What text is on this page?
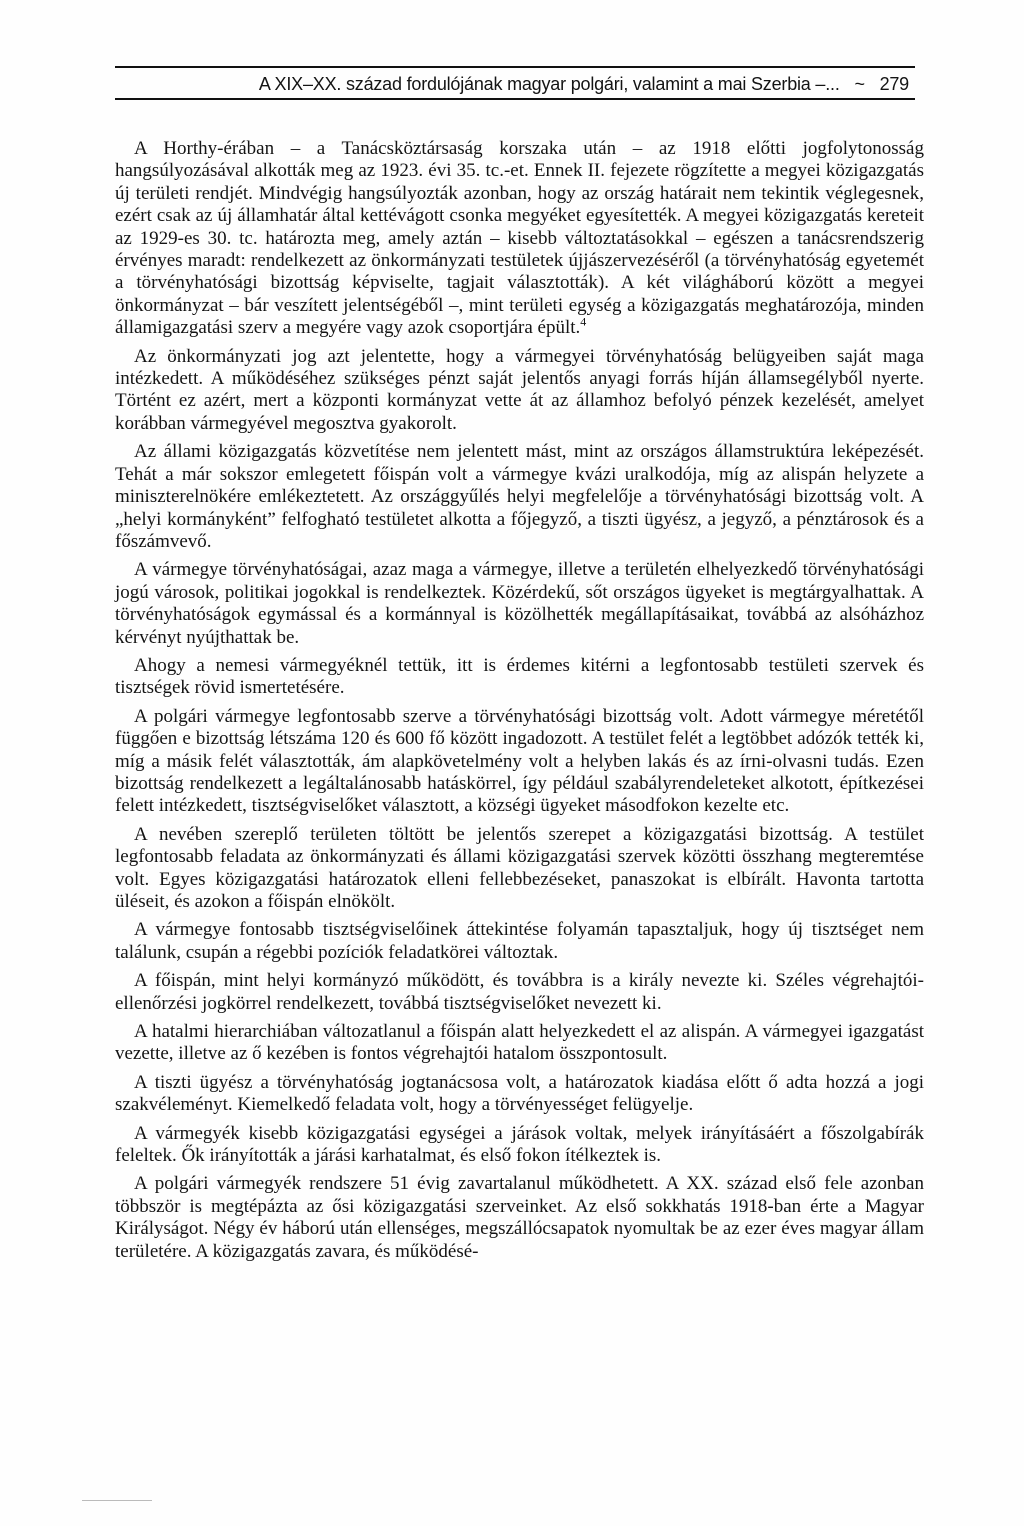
A XIX–XX. század fordulójának magyar polgári, valamint a mai Szerbia –... ~ 279

A Horthy-érában – a Tanácsköztársaság korszaka után – az 1918 előtti jogfolytonosság hangsúlyozásával alkották meg az 1923. évi 35. tc.-et. Ennek II. fejezete rögzítette a megyei közigazgatás új területi rendjét. Mindvégig hangsúlyozták azonban, hogy az ország határait nem tekintik véglegesnek, ezért csak az új államhatár által kettévágott csonka megyéket egyesítették. A megyei közigazgatás kereteit az 1929-es 30. tc. határozta meg, amely aztán – kisebb változtatásokkal – egészen a tanácsrendszerig érvényes maradt: rendelkezett az önkormányzati testületek újjászervezéséről (a törvényhatóság egyetemét a törvényhatósági bizottság képviselte, tagjait választották). A két világháború között a megyei önkormányzat – bár veszített jelentségéből –, mint területi egység a közigazgatás meghatározója, minden államigazgatási szerv a megyére vagy azok csoportjára épült.$^4$

Az önkormányzati jog azt jelentette, hogy a vármegyei törvényhatóság belügyeiben saját maga intézkedett. A működéséhez szükséges pénzt saját jelentős anyagi forrás híján államsegélyből nyerte. Történt ez azért, mert a központi kormányzat vette át az államhoz befolyó pénzek kezelését, amelyet korábban vármegyével megosztva gyakorolt.

Az állami közigazgatás közvetítése nem jelentett mást, mint az országos államstruktúra leképezését. Tehát a már sokszor emlegetett főispán volt a vármegye kvázi uralkodója, míg az alispán helyzete a miniszterelnökére emlékeztetett. Az országgyűlés helyi megfelelője a törvényhatósági bizottság volt. A „helyi kormányként” felfogható testületet alkotta a főjegyző, a tiszti ügyész, a jegyző, a pénztárosok és a főszámvevő.

A vármegye törvényhatóságai, azaz maga a vármegye, illetve a területén elhelyezkedő törvényhatósági jogú városok, politikai jogokkal is rendelkeztek. Közérdekű, sőt országos ügyeket is megtárgyalhattak. A törvényhatóságok egymással és a kormánnyal is közölhették megállapításaikat, továbbá az alsóházhoz kérvényt nyújthattak be.

Ahogy a nemesi vármegyéknél tettük, itt is érdemes kitérni a legfontosabb testületi szervek és tisztségek rövid ismertetésére.

A polgári vármegye legfontosabb szerve a törvényhatósági bizottság volt. Adott vármegye méretétől függően e bizottság létszáma 120 és 600 fő között ingadozott. A testület felét a legtöbbet adózók tették ki, míg a másik felét választották, ám alapkövetelmény volt a helyben lakás és az írni-olvasni tudás. Ezen bizottság rendelkezett a legáltalánosabb hatáskörrel, így például szabályrendeleteket alkotott, építkezései felett intézkedett, tisztségviselőket választott, a községi ügyeket másodfokon kezelte etc.

A nevében szereplő területen töltött be jelentős szerepet a közigazgatási bizottság. A testület legfontosabb feladata az önkormányzati és állami közigazgatási szervek közötti összhang megteremtése volt. Egyes közigazgatási határozatok elleni fellebbezéseket, panaszokat is elbírált. Havonta tartotta üléseit, és azokon a főispán elnökölt.

A vármegye fontosabb tisztségviselőinek áttekintése folyamán tapasztaljuk, hogy új tisztséget nem találunk, csupán a régebbi pozíciók feladatkörei változtak.

A főispán, mint helyi kormányzó működött, és továbbra is a király nevezte ki. Széles végrehajtói-ellenőrzési jogkörrel rendelkezett, továbbá tisztségviselőket nevezett ki.

A hatalmi hierarchiában változatlanul a főispán alatt helyezkedett el az alispán. A vármegyei igazgatást vezette, illetve az ő kezében is fontos végrehajtói hatalom összpontosult.

A tiszti ügyész a törvényhatóság jogtanácsosa volt, a határozatok kiadása előtt ő adta hozzá a jogi szakvéleményt. Kiemelkedő feladata volt, hogy a törvényességet felügyelje.

A vármegyék kisebb közigazgatási egységei a járások voltak, melyek irányításáért a főszolgabírák feleltek. Ők irányították a járási karhatalmat, és első fokon ítélkeztek is.

A polgári vármegyék rendszere 51 évig zavartalanul működhetett. A XX. század első fele azonban többször is megtépázta az ősi közigazgatási szerveinket. Az első sokkhatás 1918-ban érte a Magyar Királyságot. Négy év háború után ellenséges, megszállócsapatok nyomultak be az ezer éves magyar állam területére. A közigazgatás zavara, és működésé-
